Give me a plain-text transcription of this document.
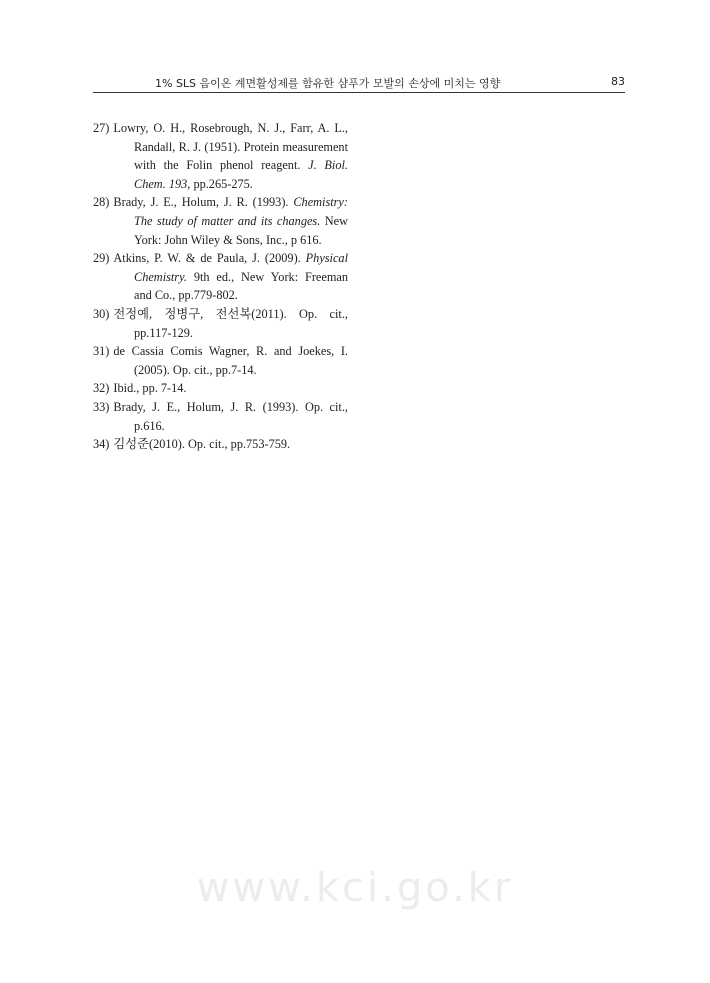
1% SLS 음이온 계면활성제를 함유한 샴푸가 모발의 손상에 미치는 영향	83
27) Lowry, O. H., Rosebrough, N. J., Farr, A. L., Randall, R. J. (1951). Protein measurement with the Folin phenol reagent. J. Biol. Chem. 193, pp.265-275.
28) Brady, J. E., Holum, J. R. (1993). Chemistry: The study of matter and its changes. New York: John Wiley & Sons, Inc., p 616.
29) Atkins, P. W. & de Paula, J. (2009). Physical Chemistry. 9th ed., New York: Freeman and Co., pp.779-802.
30) 전정예, 정병구, 전선복(2011). Op. cit., pp.117-129.
31) de Cassia Comis Wagner, R. and Joekes, I. (2005). Op. cit., pp.7-14.
32) Ibid., pp. 7-14.
33) Brady, J. E., Holum, J. R. (1993). Op. cit., p.616.
34) 김성준(2010). Op. cit., pp.753-759.
www.kci.go.kr
